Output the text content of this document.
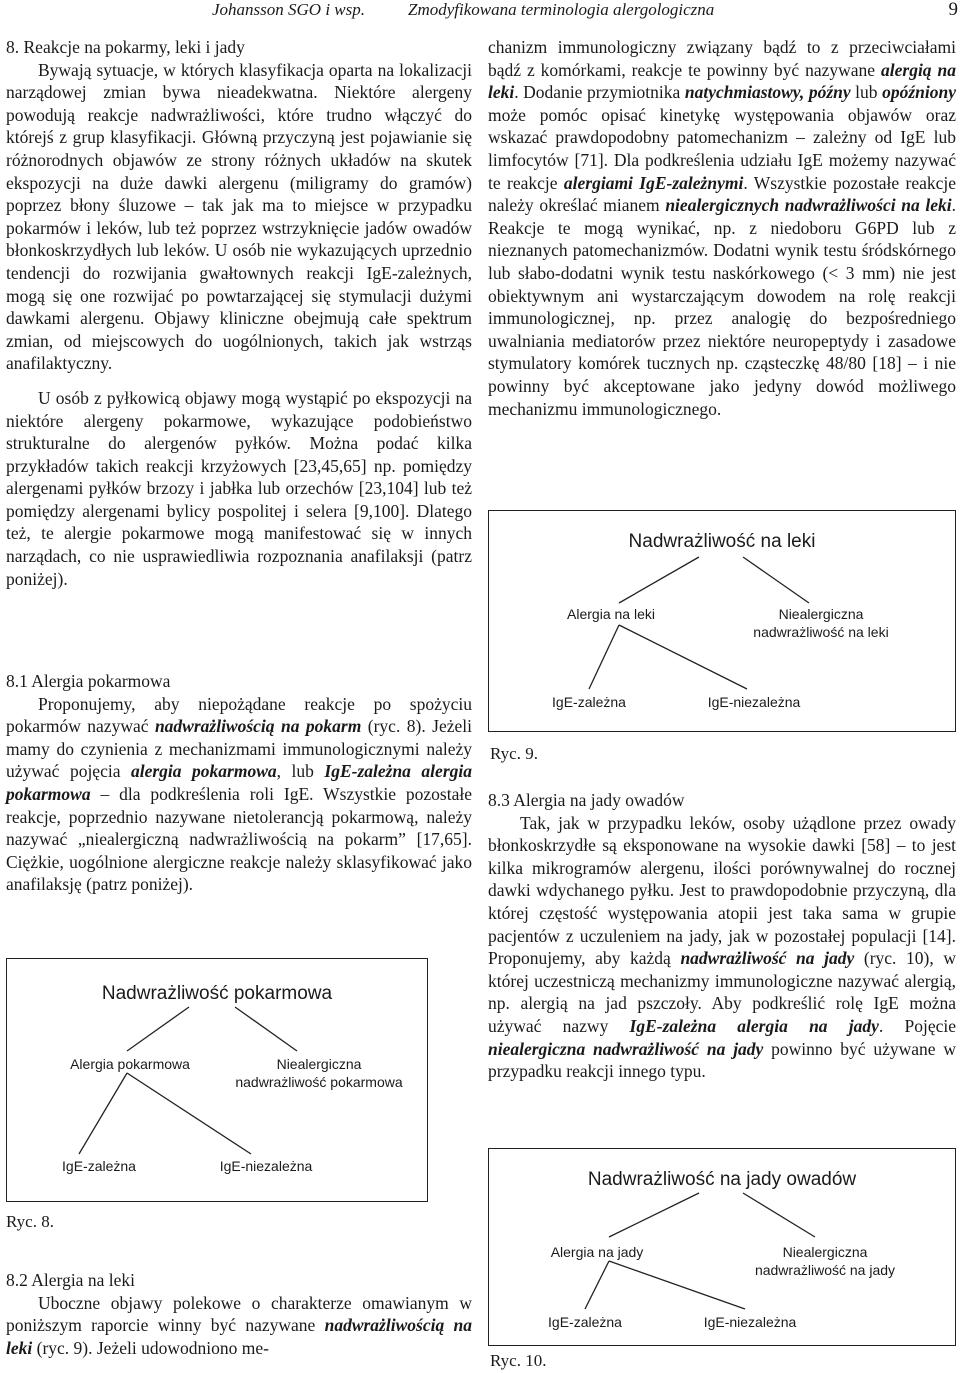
Johansson SGO i wsp.	Zmodyfikowana terminologia alergologiczna	9
8. Reakcje na pokarmy, leki i jady

Bywają sytuacje, w których klasyfikacja oparta na lokalizacji narządowej zmian bywa nieadekwatna. Niektóre alergeny powodują reakcje nadwrażliwości, które trudno włączyć do którejś z grup klasyfikacji. Główną przyczyną jest pojawianie się różnorodnych objawów ze strony różnych układów na skutek ekspozycji na duże dawki alergenu (miligramy do gramów) poprzez błony śluzowe – tak jak ma to miejsce w przypadku pokarmów i leków, lub też poprzez wstrzyknięcie jadów owadów błonkoskrzydłych lub leków. U osób nie wykazujących uprzednio tendencji do rozwijania gwałtownych reakcji IgE-zależnych, mogą się one rozwijać po powtarzającej się stymulacji dużymi dawkami alergenu. Objawy kliniczne obejmują całe spektrum zmian, od miejscowych do uogólnionych, takich jak wstrząs anafilaktyczny.

U osób z pyłkowicą objawy mogą wystąpić po ekspozycji na niektóre alergeny pokarmowe, wykazujące podobieństwo strukturalne do alergenów pyłków. Można podać kilka przykładów takich reakcji krzyżowych [23,45,65] np. pomiędzy alergenami pyłków brzozy i jabłka lub orzechów [23,104] lub też pomiędzy alergenami bylicy pospolitej i selera [9,100]. Dlatego też, te alergie pokarmowe mogą manifestować się w innych narządach, co nie usprawiedliwia rozpoznania anafilaksji (patrz poniżej).

8.1 Alergia pokarmowa

Proponujemy, aby niepożądane reakcje po spożyciu pokarmów nazywać nadwrażliwością na pokarm (ryc. 8). Jeżeli mamy do czynienia z mechanizmami immunologicznymi należy używać pojęcia alergia pokarmowa, lub IgE-zależna alergia pokarmowa – dla podkreślenia roli IgE. Wszystkie pozostałe reakcje, poprzednio nazywane nietolerancją pokarmową, należy nazywać „niealergiczną nadwrażliwością na pokarm” [17,65]. Ciężkie, uogólnione alergiczne reakcje należy sklasyfikować jako anafilaksję (patrz poniżej).

Nadwrażliwość pokarmowa
Alergia pokarmowa	Niealergiczna
nadwrażliwość pokarmowa
IgE-zależna	IgE-niezależna
Ryc. 8.
8.2 Alergia na leki

Uboczne objawy polekowe o charakterze omawianym w poniższym raporcie winny być nazywane nadwrażliwością na leki (ryc. 9). Jeżeli udowodniono me-

chanizm immunologiczny związany bądź to z przeciwciałami bądź z komórkami, reakcje te powinny być nazywane alergią na leki. Dodanie przymiotnika natychmiastowy, późny lub opóźniony może pomóc opisać kinetykę występowania objawów oraz wskazać prawdopodobny patomechanizm – zależny od IgE lub limfocytów [71]. Dla podkreślenia udziału IgE możemy nazywać te reakcje alergiami IgE-zależnymi. Wszystkie pozostałe reakcje należy określać mianem niealergicznych nadwrażliwości na leki. Reakcje te mogą wynikać, np. z niedoboru G6PD lub z nieznanych patomechanizmów. Dodatni wynik testu śródskórnego lub słabo-dodatni wynik testu naskórkowego (< 3 mm) nie jest obiektywnym ani wystarczającym dowodem na rolę reakcji immunologicznej, np. przez analogię do bezpośredniego uwalniania mediatorów przez niektóre neuropeptydy i zasadowe stymulatory komórek tucznych np. cząsteczkę 48/80 [18] – i nie powinny być akceptowane jako jedyny dowód możliwego mechanizmu immunologicznego.

Nadwrażliwość na leki
Alergia na leki	Niealergiczna
nadwrażliwość na leki
IgE-zależna	IgE-niezależna
Ryc. 9.
8.3 Alergia na jady owadów

Tak, jak w przypadku leków, osoby użądlone przez owady błonkoskrzydłe są eksponowane na wysokie dawki [58] – to jest kilka mikrogramów alergenu, ilości porównywalnej do rocznej dawki wdychanego pyłku. Jest to prawdopodobnie przyczyną, dla której częstość występowania atopii jest taka sama w grupie pacjentów z uczuleniem na jady, jak w pozostałej populacji [14]. Proponujemy, aby każdą nadwrażliwość na jady (ryc. 10), w której uczestniczą mechanizmy immunologiczne nazywać alergią, np. alergią na jad pszczoły. Aby podkreślić rolę IgE można używać nazwy IgE-zależna alergia na jady. Pojęcie niealergiczna nadwrażliwość na jady powinno być używane w przypadku reakcji innego typu.

Nadwrażliwość na jady owadów
Alergia na jady	Niealergiczna
nadwrażliwość na jady
IgE-zależna	IgE-niezależna
Ryc. 10.
